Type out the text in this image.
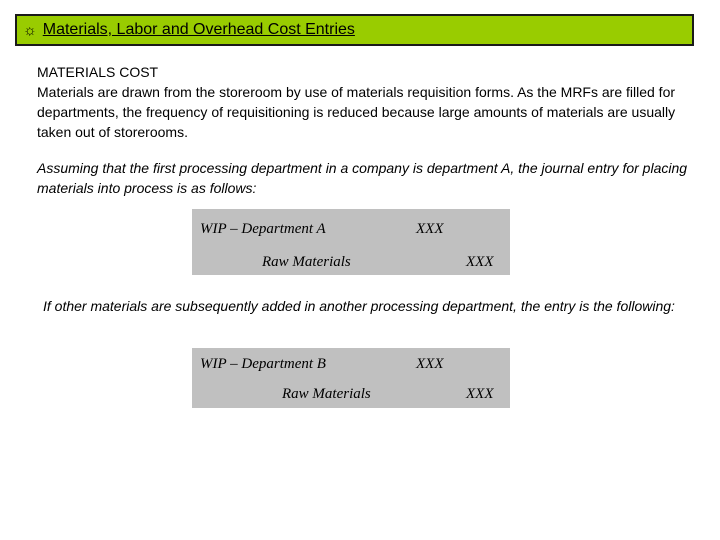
☼ Materials, Labor and Overhead Cost Entries
MATERIALS COST
Materials are drawn from the storeroom by use of materials requisition forms. As the MRFs are filled for departments, the frequency of requisitioning is reduced because large amounts of materials are usually taken out of storerooms.
Assuming that the first processing department in a company is department A, the journal entry for placing materials into process is as follows:
WIP – Department A	XXX
Raw Materials	XXX
If other materials are subsequently added in another processing department, the entry is the following:
WIP – Department B	XXX
Raw Materials	XXX
